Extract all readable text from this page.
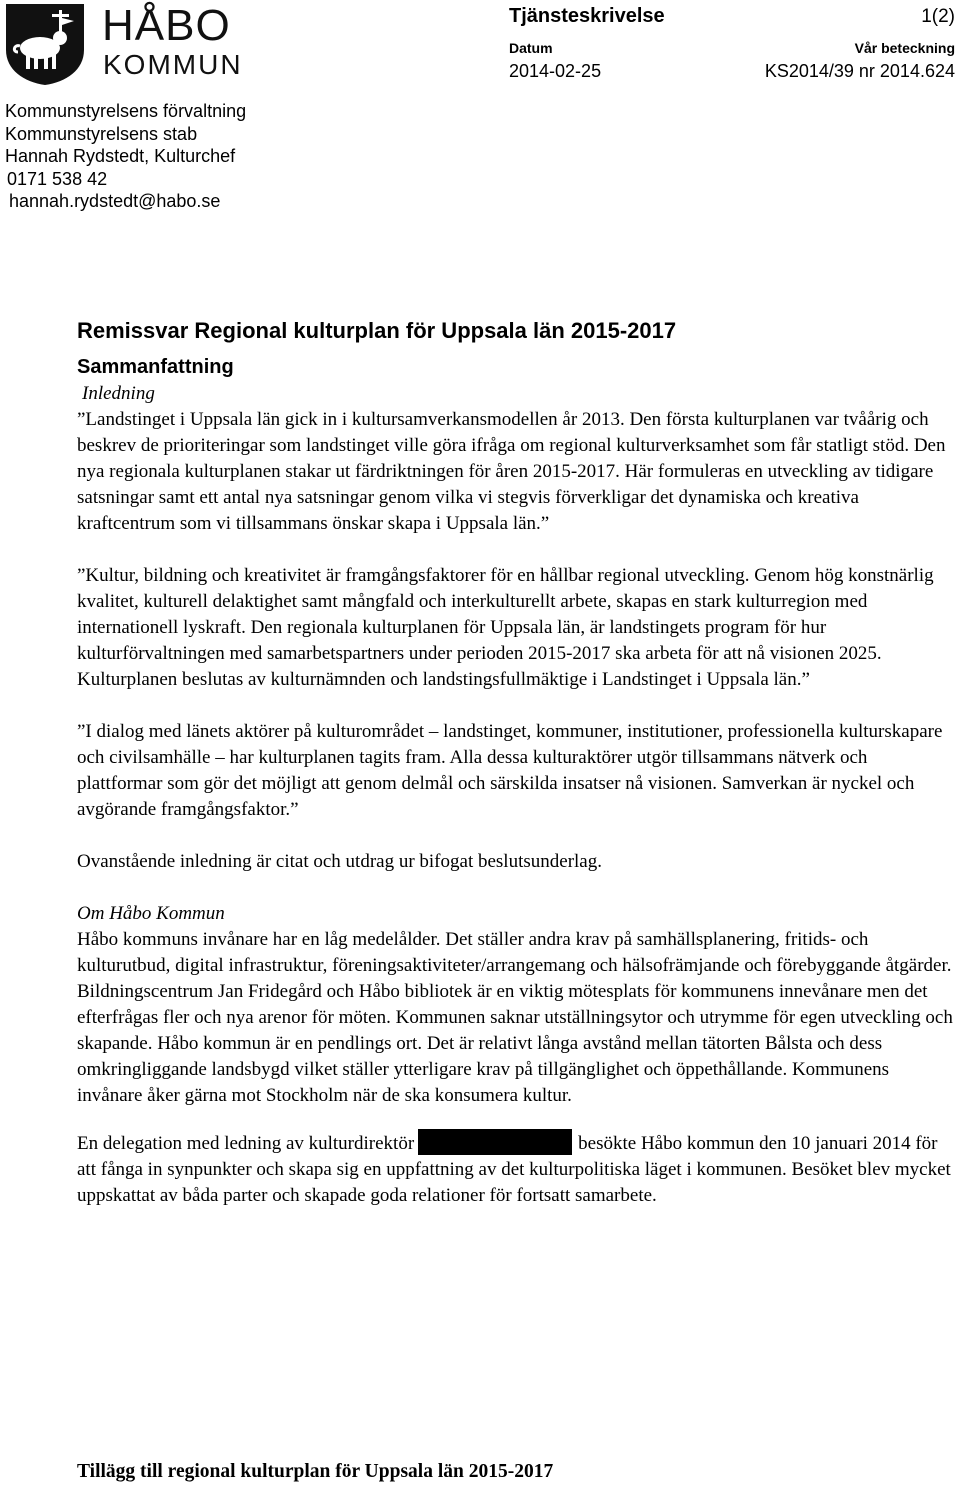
HÅBO
KOMMUN
Tjänsteskrivelse	1(2)
Datum
2014-02-25
Vår beteckning
KS2014/39 nr 2014.624
Kommunstyrelsens förvaltning
Kommunstyrelsens stab
Hannah Rydstedt, Kulturchef
0171 538 42
hannah.rydstedt@habo.se
Remissvar Regional kulturplan för Uppsala län 2015-2017
Sammanfattning

Inledning

”Landstinget i Uppsala län gick in i kultursamverkansmodellen år 2013. Den första kulturplanen var tvåårig och beskrev de prioriteringar som landstinget ville göra ifråga om regional kulturverksamhet som får statligt stöd. Den nya regionala kulturplanen stakar ut färdriktningen för åren 2015-2017. Här formuleras en utveckling av tidigare satsningar samt ett antal nya satsningar genom vilka vi stegvis förverkligar det dynamiska och kreativa kraftcentrum som vi tillsammans önskar skapa i Uppsala län.”

”Kultur, bildning och kreativitet är framgångsfaktorer för en hållbar regional utveckling. Genom hög konstnärlig kvalitet, kulturell delaktighet samt mångfald och interkulturellt arbete, skapas en stark kulturregion med internationell lyskraft. Den regionala kulturplanen för Uppsala län, är landstingets program för hur kulturförvaltningen med samarbetspartners under perioden 2015-2017 ska arbeta för att nå visionen 2025. Kulturplanen beslutas av kulturnämnden och landstingsfullmäktige i Landstinget i Uppsala län.”

”I dialog med länets aktörer på kulturområdet – landstinget, kommuner, institutioner, professionella kulturskapare och civilsamhälle – har kulturplanen tagits fram. Alla dessa kulturaktörer utgör tillsammans nätverk och plattformar som gör det möjligt att genom delmål och särskilda insatser nå visionen. Samverkan är nyckel och avgörande framgångsfaktor.”

Ovanstående inledning är citat och utdrag ur bifogat beslutsunderlag.

Om Håbo Kommun

Håbo kommuns invånare har en låg medelålder. Det ställer andra krav på samhällsplanering, fritids- och kulturutbud, digital infrastruktur, föreningsaktiviteter/arrangemang och hälsofrämjande och förebyggande åtgärder. Bildningscentrum Jan Fridegård och Håbo bibliotek är en viktig mötesplats för kommunens innevånare men det efterfrågas fler och nya arenor för möten. Kommunen saknar utställningsytor och utrymme för egen utveckling och skapande. Håbo kommun är en pendlings ort. Det är relativt långa avstånd mellan tätorten Bålsta och dess omkringliggande landsbygd vilket ställer ytterligare krav på tillgänglighet och öppethållande. Kommunens invånare åker gärna mot Stockholm när de ska konsumera kultur.

En delegation med ledning av kulturdirektör	besökte Håbo kommun den 10 januari 2014 för att fånga in synpunkter och skapa sig en uppfattning av det kulturpolitiska läget i kommunen. Besöket blev mycket uppskattat av båda parter och skapade goda relationer för fortsatt samarbete.

Tillägg till regional kulturplan för Uppsala län 2015-2017
